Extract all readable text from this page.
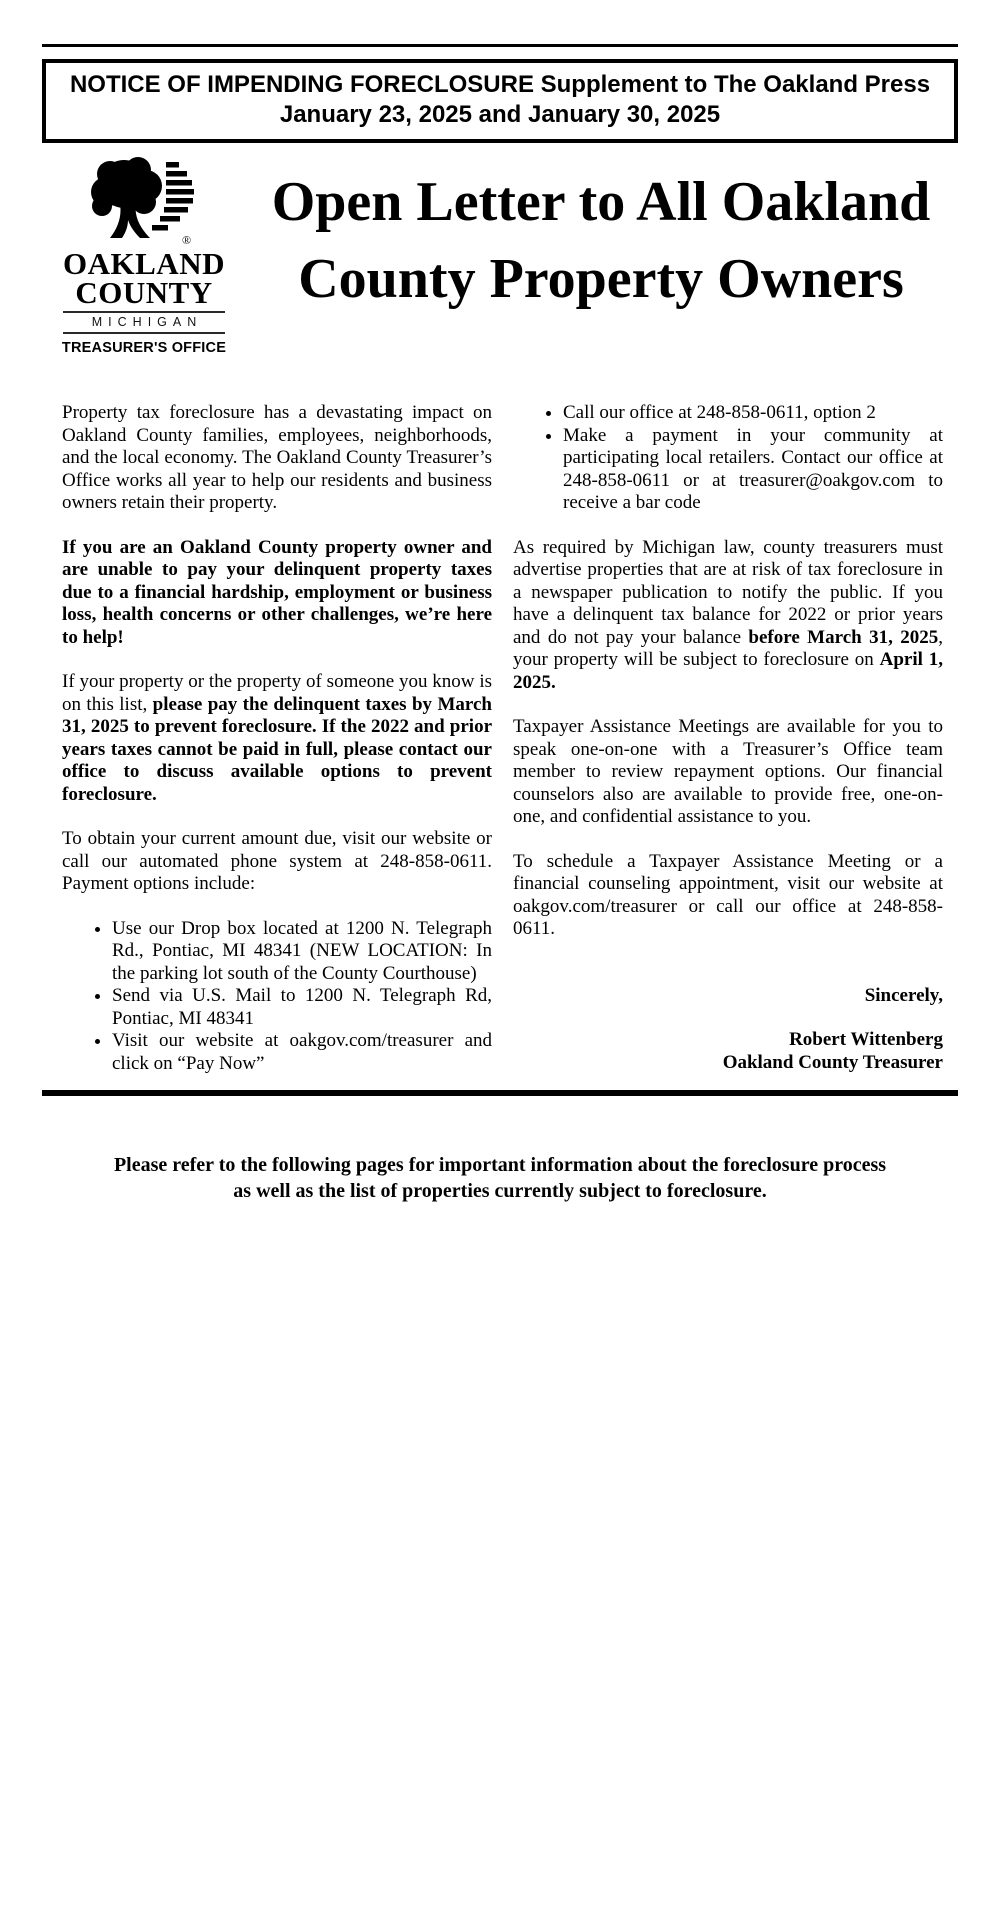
NOTICE OF IMPENDING FORECLOSURE Supplement to The Oakland Press
January 23, 2025 and January 30, 2025
®
OAKLAND
COUNTY
MICHIGAN
TREASURER'S OFFICE
Open Letter to All Oakland
County Property Owners

Property tax foreclosure has a devastating impact on Oakland County families, employees, neighborhoods, and the local economy. The Oakland County Treasurer’s Office works all year to help our residents and business owners retain their property.

If you are an Oakland County property owner and are unable to pay your delinquent property taxes due to a financial hardship, employment or business loss, health concerns or other challenges, we’re here to help!

If your property or the property of someone you know is on this list, please pay the delinquent taxes by March 31, 2025 to prevent foreclosure. If the 2022 and prior years taxes cannot be paid in full, please contact our office to discuss available options to prevent foreclosure.

To obtain your current amount due, visit our website or call our automated phone system at 248-858-0611. Payment options include:

• Use our Drop box located at 1200 N. Telegraph Rd., Pontiac, MI 48341 (NEW LOCATION: In the parking lot south of the County Courthouse)
• Send via U.S. Mail to 1200 N. Telegraph Rd, Pontiac, MI 48341
• Visit our website at oakgov.com/treasurer and click on “Pay Now”
• Call our office at 248-858-0611, option 2
• Make a payment in your community at participating local retailers. Contact our office at 248-858-0611 or at treasurer@oakgov.com to receive a bar code

As required by Michigan law, county treasurers must advertise properties that are at risk of tax foreclosure in a newspaper publication to notify the public. If you have a delinquent tax balance for 2022 or prior years and do not pay your balance before March 31, 2025, your property will be subject to foreclosure on April 1, 2025.

Taxpayer Assistance Meetings are available for you to speak one-on-one with a Treasurer’s Office team member to review repayment options. Our financial counselors also are available to provide free, one-on-one, and confidential assistance to you.

To schedule a Taxpayer Assistance Meeting or a financial counseling appointment, visit our website at oakgov.com/treasurer or call our office at 248-858-0611.

Sincerely,

Robert Wittenberg
Oakland County Treasurer

Please refer to the following pages for important information about the foreclosure process
as well as the list of properties currently subject to foreclosure.
